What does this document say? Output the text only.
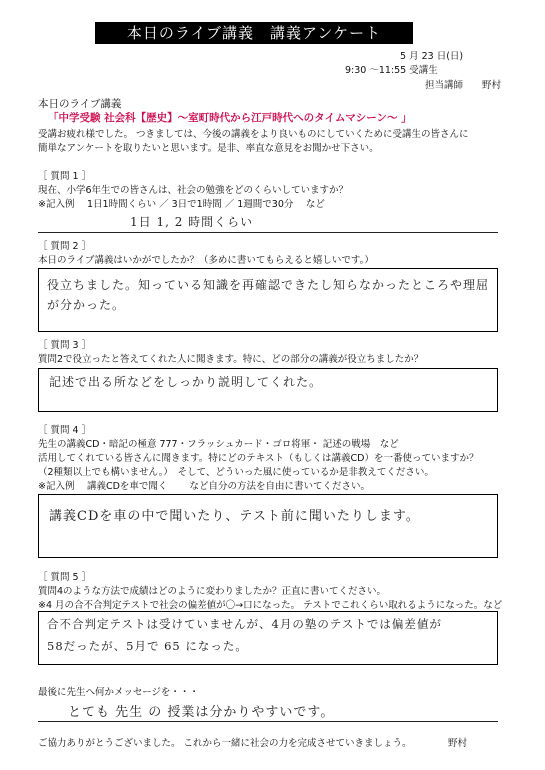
本日のライブ講義　講義アンケート
5 月 23 日(日)
9:30 〜11:55 受講生
担当講師　　野村
本日のライブ講義
「中学受験 社会科【歴史】～室町時代から江戸時代へのタイムマシーン～ 」
受講お疲れ様でした。 つきましては、今後の講義をより良いものにしていくために受講生の皆さんに
簡単なアンケートを取りたいと思います。是非、率直な意見をお聞かせ下さい。
［ 質問 1 ］
現在、小学6年生での皆さんは、社会の勉強をどのくらいしていますか？
※記入例　 1日1時間くらい ／ 3日で1時間 ／ 1週間で30分　 など
1日 1, 2 時間くらい
［ 質問 2 ］
本日のライブ講義はいかがでしたか？（多めに書いてもらえると嬉しいです。）
役立ちました。知っている知識を再確認できたし知らなかったところや理屈
が分かった。
［ 質問 3 ］
質問2で役立ったと答えてくれた人に聞きます。特に、どの部分の講義が役立ちましたか？
記述で出る所などをしっかり説明してくれた。
［ 質問 4 ］
先生の講義CD・暗記の極意 777・フラッシュカード・ゴロ将軍・ 記述の戦場　など
活用してくれている皆さんに聞きます。特にどのテキスト（もしくは講義CD）を一番使っていますか？
（2種類以上でも構いません。）　そして、どういった風に使っているか是非教えてください。
※記入例　 講義CDを車で聞く　　 など自分の方法を自由に書いてください。
講義CDを車の中で聞いたり、テスト前に聞いたりします。
［ 質問 5 ］
質問4のような方法で成績はどのように変わりましたか？正直に書いてください。
※4 月の合不合判定テストで社会の偏差値が〇→口になった。 テストでこれくらい取れるようになった。など
合不合判定テストは受けていませんが、4月の塾のテストでは偏差値が
58だったが、5月で 65 になった。
最後に先生へ何かメッセージを・・・
とても 先生 の 授業は分かりやすいです。
ご協力ありがとうございました。 これから一緒に社会の力を完成させていきましょう。	野村
